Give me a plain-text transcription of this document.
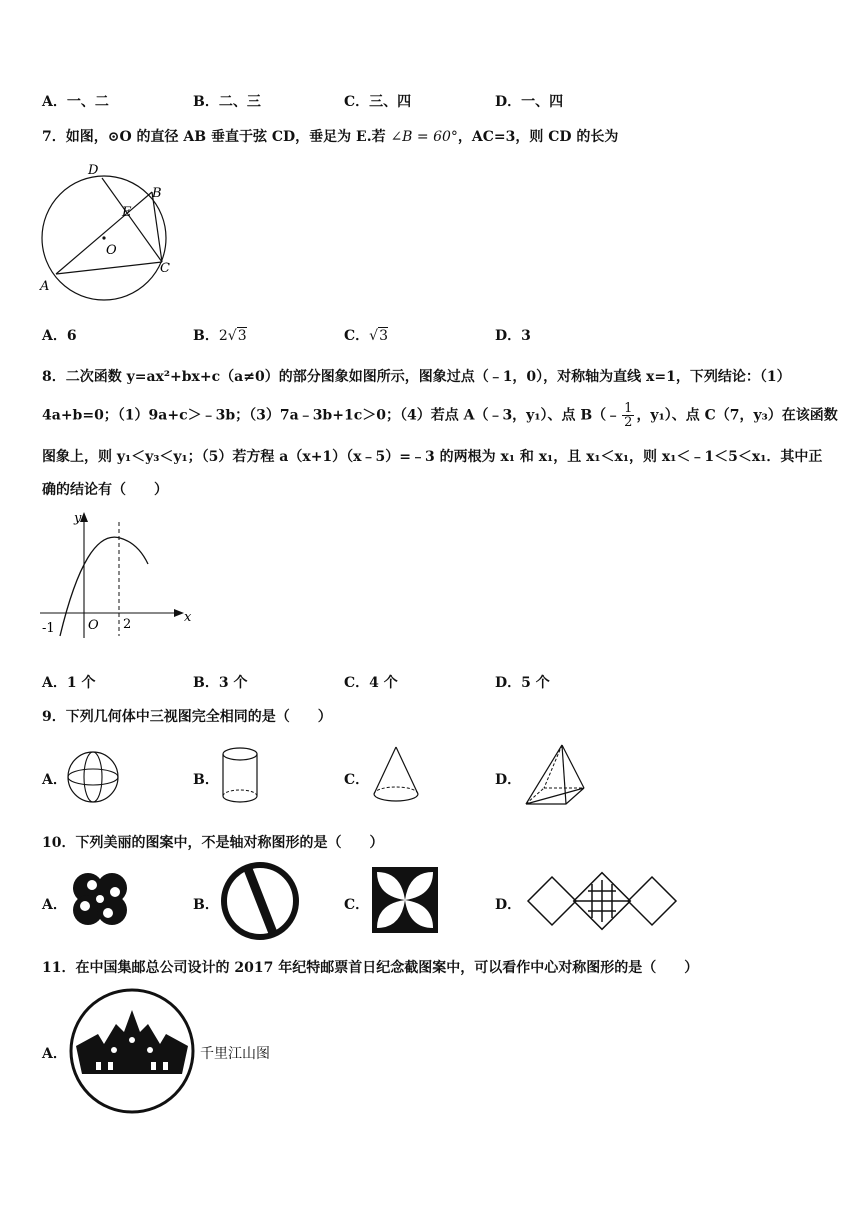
A．一、二	B．二、三	C．三、四	D．一、四
7．如图，⊙O 的直径 AB 垂直于弦 CD，垂足为 E.若 ∠B = 60°，AC=3，则 CD 的长为
D
B
E
O
A
C
A．6	B．2√3	C．√3	D．3
8．二次函数 y=ax²+bx+c（a≠0）的部分图象如图所示，图象过点（﹣1，0），对称轴为直线 x=1，下列结论：（1）
4a+b=0；（1）9a+c＞﹣3b；（3）7a﹣3b+1c＞0；（4）若点 A（﹣3，y₁）、点 B（﹣ $\frac{1}{2}$ ，y₁）、点 C（7，y₃）在该函数
图象上，则 y₁＜y₃＜y₁；（5）若方程 a（x+1）（x﹣5）=﹣3 的两根为 x₁ 和 x₁，且 x₁＜x₁，则 x₁＜﹣1＜5＜x₁．其中正
确的结论有（　　）
y
x
-1	O 2
A．1 个	B．3 个	C．4 个	D．5 个
9．下列几何体中三视图完全相同的是（　　）
A．	B．	C．	D．
10．下列美丽的图案中，不是轴对称图形的是（　　）
A．	B．	C．	D．
11．在中国集邮总公司设计的 2017 年纪特邮票首日纪念截图案中，可以看作中心对称图形的是（　　）
A．	千里江山图
